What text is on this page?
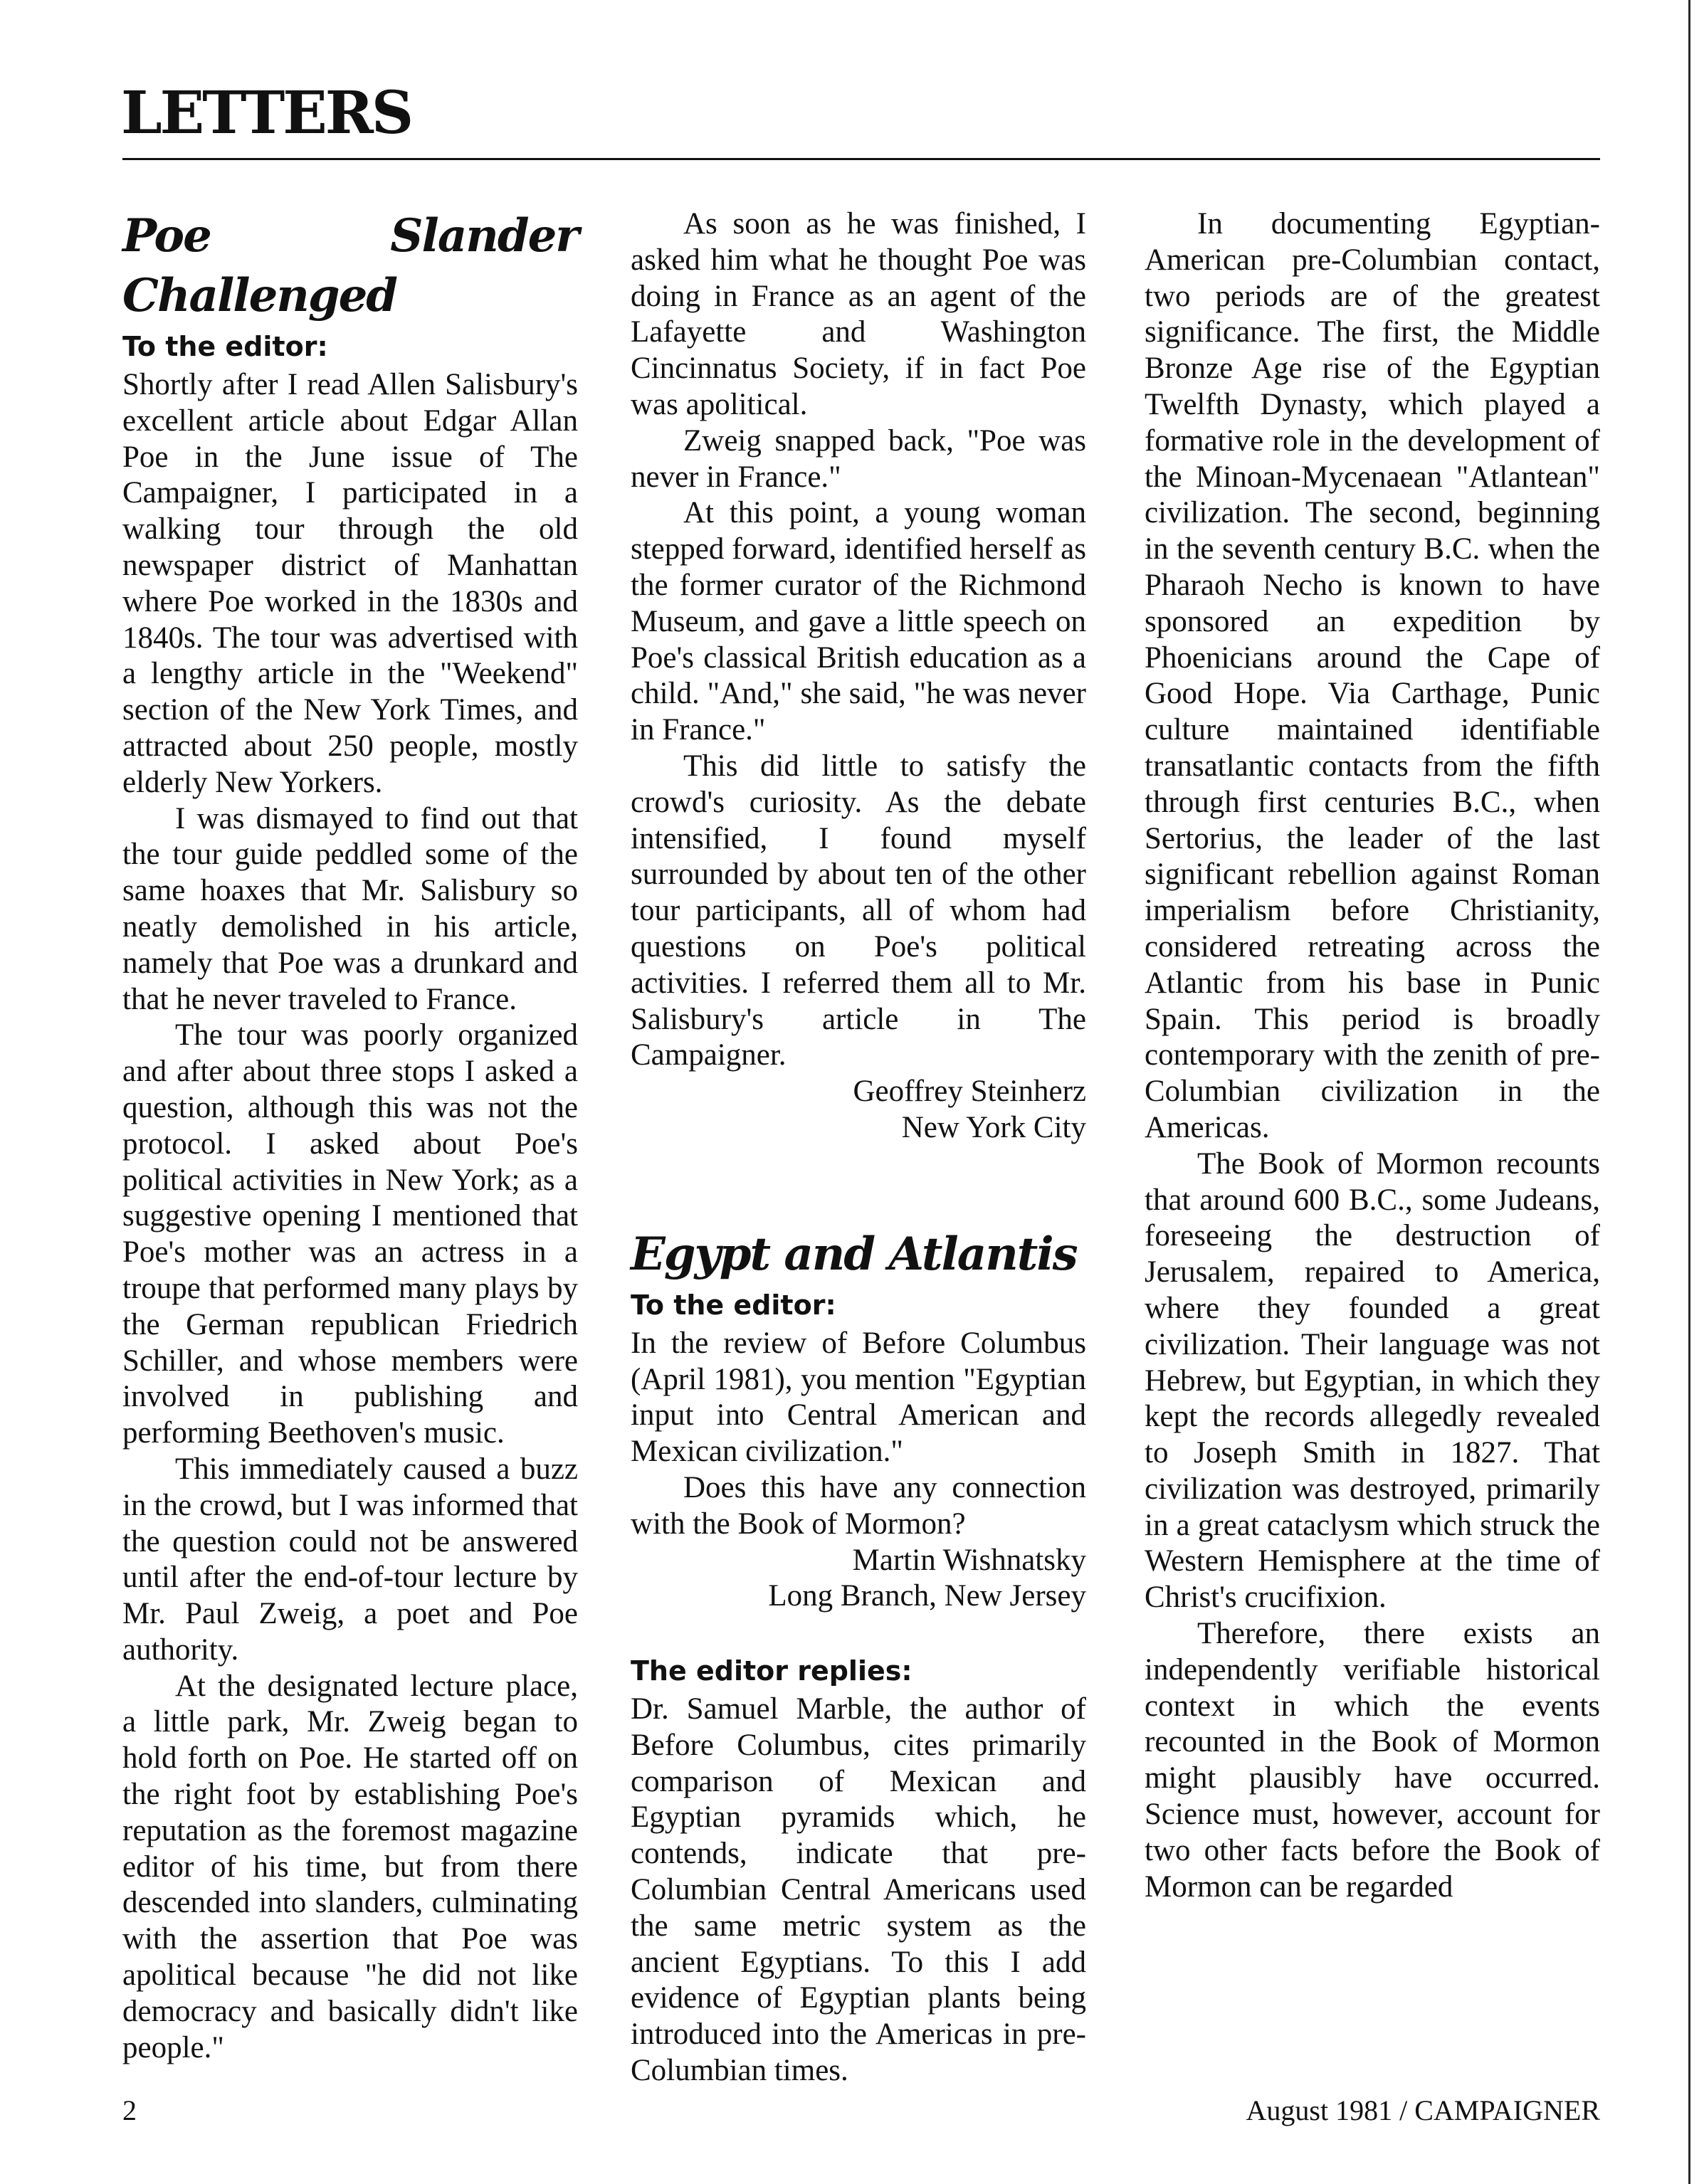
LETTERS
Poe Slander Challenged
To the editor:

Shortly after I read Allen Salisbury's excellent article about Edgar Allan Poe in the June issue of The Campaigner, I participated in a walking tour through the old newspaper district of Manhattan where Poe worked in the 1830s and 1840s. The tour was advertised with a lengthy article in the "Weekend" section of the New York Times, and attracted about 250 people, mostly elderly New Yorkers.

I was dismayed to find out that the tour guide peddled some of the same hoaxes that Mr. Salisbury so neatly demolished in his article, namely that Poe was a drunkard and that he never traveled to France.

The tour was poorly organized and after about three stops I asked a question, although this was not the protocol. I asked about Poe's political activities in New York; as a suggestive opening I mentioned that Poe's mother was an actress in a troupe that performed many plays by the German republican Friedrich Schiller, and whose members were involved in publishing and performing Beethoven's music.

This immediately caused a buzz in the crowd, but I was informed that the question could not be answered until after the end-of-tour lecture by Mr. Paul Zweig, a poet and Poe authority.

At the designated lecture place, a little park, Mr. Zweig began to hold forth on Poe. He started off on the right foot by establishing Poe's reputation as the foremost magazine editor of his time, but from there descended into slanders, culminating with the assertion that Poe was apolitical because "he did not like democracy and basically didn't like people."

As soon as he was finished, I asked him what he thought Poe was doing in France as an agent of the Lafayette and Washington Cincinnatus Society, if in fact Poe was apolitical.

Zweig snapped back, "Poe was never in France."

At this point, a young woman stepped forward, identified herself as the former curator of the Richmond Museum, and gave a little speech on Poe's classical British education as a child. "And," she said, "he was never in France."

This did little to satisfy the crowd's curiosity. As the debate intensified, I found myself surrounded by about ten of the other tour participants, all of whom had questions on Poe's political activities. I referred them all to Mr. Salisbury's article in The Campaigner.

Geoffrey Steinherz

New York City

Egypt and Atlantis
To the editor:

In the review of Before Columbus (April 1981), you mention "Egyptian input into Central American and Mexican civilization."

Does this have any connection with the Book of Mormon?

Martin Wishnatsky

Long Branch, New Jersey

The editor replies:

Dr. Samuel Marble, the author of Before Columbus, cites primarily comparison of Mexican and Egyptian pyramids which, he contends, indicate that pre-Columbian Central Americans used the same metric system as the ancient Egyptians. To this I add evidence of Egyptian plants being introduced into the Americas in pre-Columbian times.

In documenting Egyptian-American pre-Columbian contact, two periods are of the greatest significance. The first, the Middle Bronze Age rise of the Egyptian Twelfth Dynasty, which played a formative role in the development of the Minoan-Mycenaean "Atlantean" civilization. The second, beginning in the seventh century B.C. when the Pharaoh Necho is known to have sponsored an expedition by Phoenicians around the Cape of Good Hope. Via Carthage, Punic culture maintained identifiable transatlantic contacts from the fifth through first centuries B.C., when Sertorius, the leader of the last significant rebellion against Roman imperialism before Christianity, considered retreating across the Atlantic from his base in Punic Spain. This period is broadly contemporary with the zenith of pre-Columbian civilization in the Americas.

The Book of Mormon recounts that around 600 B.C., some Judeans, foreseeing the destruction of Jerusalem, repaired to America, where they founded a great civilization. Their language was not Hebrew, but Egyptian, in which they kept the records allegedly revealed to Joseph Smith in 1827. That civilization was destroyed, primarily in a great cataclysm which struck the Western Hemisphere at the time of Christ's crucifixion.

Therefore, there exists an independently verifiable historical context in which the events recounted in the Book of Mormon might plausibly have occurred. Science must, however, account for two other facts before the Book of Mormon can be regarded

2	August 1981 / CAMPAIGNER
